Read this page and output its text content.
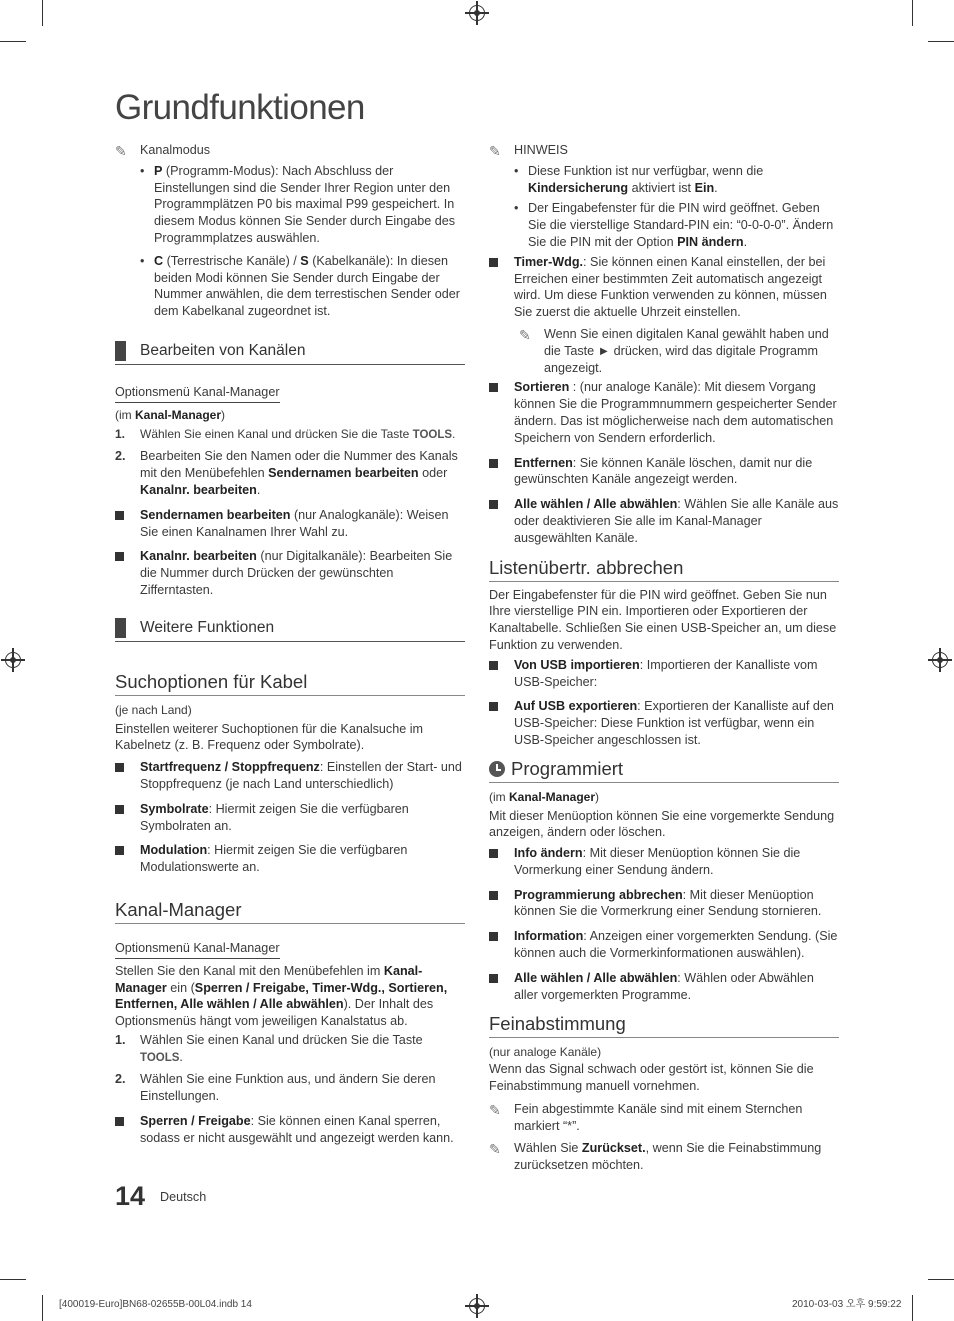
Grundfunktionen

✎ Kanalmodus

• P (Programm-Modus): Nach Abschluss der Einstellungen sind die Sender Ihrer Region unter den Programmplätzen P0 bis maximal P99 gespeichert. In diesem Modus können Sie Sender durch Eingabe des Programmplatzes auswählen.

• C (Terrestrische Kanäle) / S (Kabelkanäle): In diesen beiden Modi können Sie Sender durch Eingabe der Nummer anwählen, die dem terrestischen Sender oder dem Kabelkanal zugeordnet ist.

Bearbeiten von Kanälen
Optionsmenü Kanal-Manager

(im Kanal-Manager)

1. Wählen Sie einen Kanal und drücken Sie die Taste TOOLS.

2. Bearbeiten Sie den Namen oder die Nummer des Kanals mit den Menübefehlen Sendernamen bearbeiten oder Kanalnr. bearbeiten.

Sendernamen bearbeiten (nur Analogkanäle): Weisen Sie einen Kanalnamen Ihrer Wahl zu.

Kanalnr. bearbeiten (nur Digitalkanäle): Bearbeiten Sie die Nummer durch Drücken der gewünschten Zifferntasten.

Weitere Funktionen
Suchoptionen für Kabel

(je nach Land)

Einstellen weiterer Suchoptionen für die Kanalsuche im Kabelnetz (z. B. Frequenz oder Symbolrate).

Startfrequenz / Stoppfrequenz: Einstellen der Start- und Stoppfrequenz (je nach Land unterschiedlich)

Symbolrate: Hiermit zeigen Sie die verfügbaren Symbolraten an.

Modulation: Hiermit zeigen Sie die verfügbaren Modulationswerte an.

Kanal-Manager
Optionsmenü Kanal-Manager

Stellen Sie den Kanal mit den Menübefehlen im Kanal-Manager ein (Sperren / Freigabe, Timer-Wdg., Sortieren, Entfernen, Alle wählen / Alle abwählen). Der Inhalt des Optionsmenüs hängt vom jeweiligen Kanalstatus ab.

1. Wählen Sie einen Kanal und drücken Sie die Taste TOOLS.

2. Wählen Sie eine Funktion aus, und ändern Sie deren Einstellungen.

Sperren / Freigabe: Sie können einen Kanal sperren, sodass er nicht ausgewählt und angezeigt werden kann.

✎ HINWEIS

• Diese Funktion ist nur verfügbar, wenn die Kindersicherung aktiviert ist Ein.

• Der Eingabefenster für die PIN wird geöffnet. Geben Sie die vierstellige Standard-PIN ein: “0-0-0-0”. Ändern Sie die PIN mit der Option PIN ändern.

Timer-Wdg.: Sie können einen Kanal einstellen, der bei Erreichen einer bestimmten Zeit automatisch angezeigt wird. Um diese Funktion verwenden zu können, müssen Sie zuerst die aktuelle Uhrzeit einstellen.

✎ Wenn Sie einen digitalen Kanal gewählt haben und die Taste ► drücken, wird das digitale Programm angezeigt.

Sortieren : (nur analoge Kanäle): Mit diesem Vorgang können Sie die Programmnummern gespeicherter Sender ändern. Das ist möglicherweise nach dem automatischen Speichern von Sendern erforderlich.

Entfernen: Sie können Kanäle löschen, damit nur die gewünschten Kanäle angezeigt werden.

Alle wählen / Alle abwählen: Wählen Sie alle Kanäle aus oder deaktivieren Sie alle im Kanal-Manager ausgewählten Kanäle.

Listenübertr. abbrechen

Der Eingabefenster für die PIN wird geöffnet. Geben Sie nun Ihre vierstellige PIN ein. Importieren oder Exportieren der Kanaltabelle. Schließen Sie einen USB-Speicher an, um diese Funktion zu verwenden.

Von USB importieren: Importieren der Kanalliste vom USB-Speicher:

Auf USB exportieren: Exportieren der Kanalliste auf den USB-Speicher: Diese Funktion ist verfügbar, wenn ein USB-Speicher angeschlossen ist.

Programmiert

(im Kanal-Manager)

Mit dieser Menüoption können Sie eine vorgemerkte Sendung anzeigen, ändern oder löschen.

Info ändern: Mit dieser Menüoption können Sie die Vormerkung einer Sendung ändern.

Programmierung abbrechen: Mit dieser Menüoption können Sie die Vormerkrung einer Sendung stornieren.

Information: Anzeigen einer vorgemerkten Sendung. (Sie können auch die Vormerkinformationen auswählen).

Alle wählen / Alle abwählen: Wählen oder Abwählen aller vorgemerkten Programme.

Feinabstimmung

(nur analoge Kanäle)

Wenn das Signal schwach oder gestört ist, können Sie die Feinabstimmung manuell vornehmen.

✎ Fein abgestimmte Kanäle sind mit einem Sternchen markiert “*”.

✎ Wählen Sie Zurückset., wenn Sie die Feinabstimmung zurücksetzen möchten.

14 Deutsch
[400019-Euro]BN68-02655B-00L04.indb 14	2010-03-03 오후 9:59:22
